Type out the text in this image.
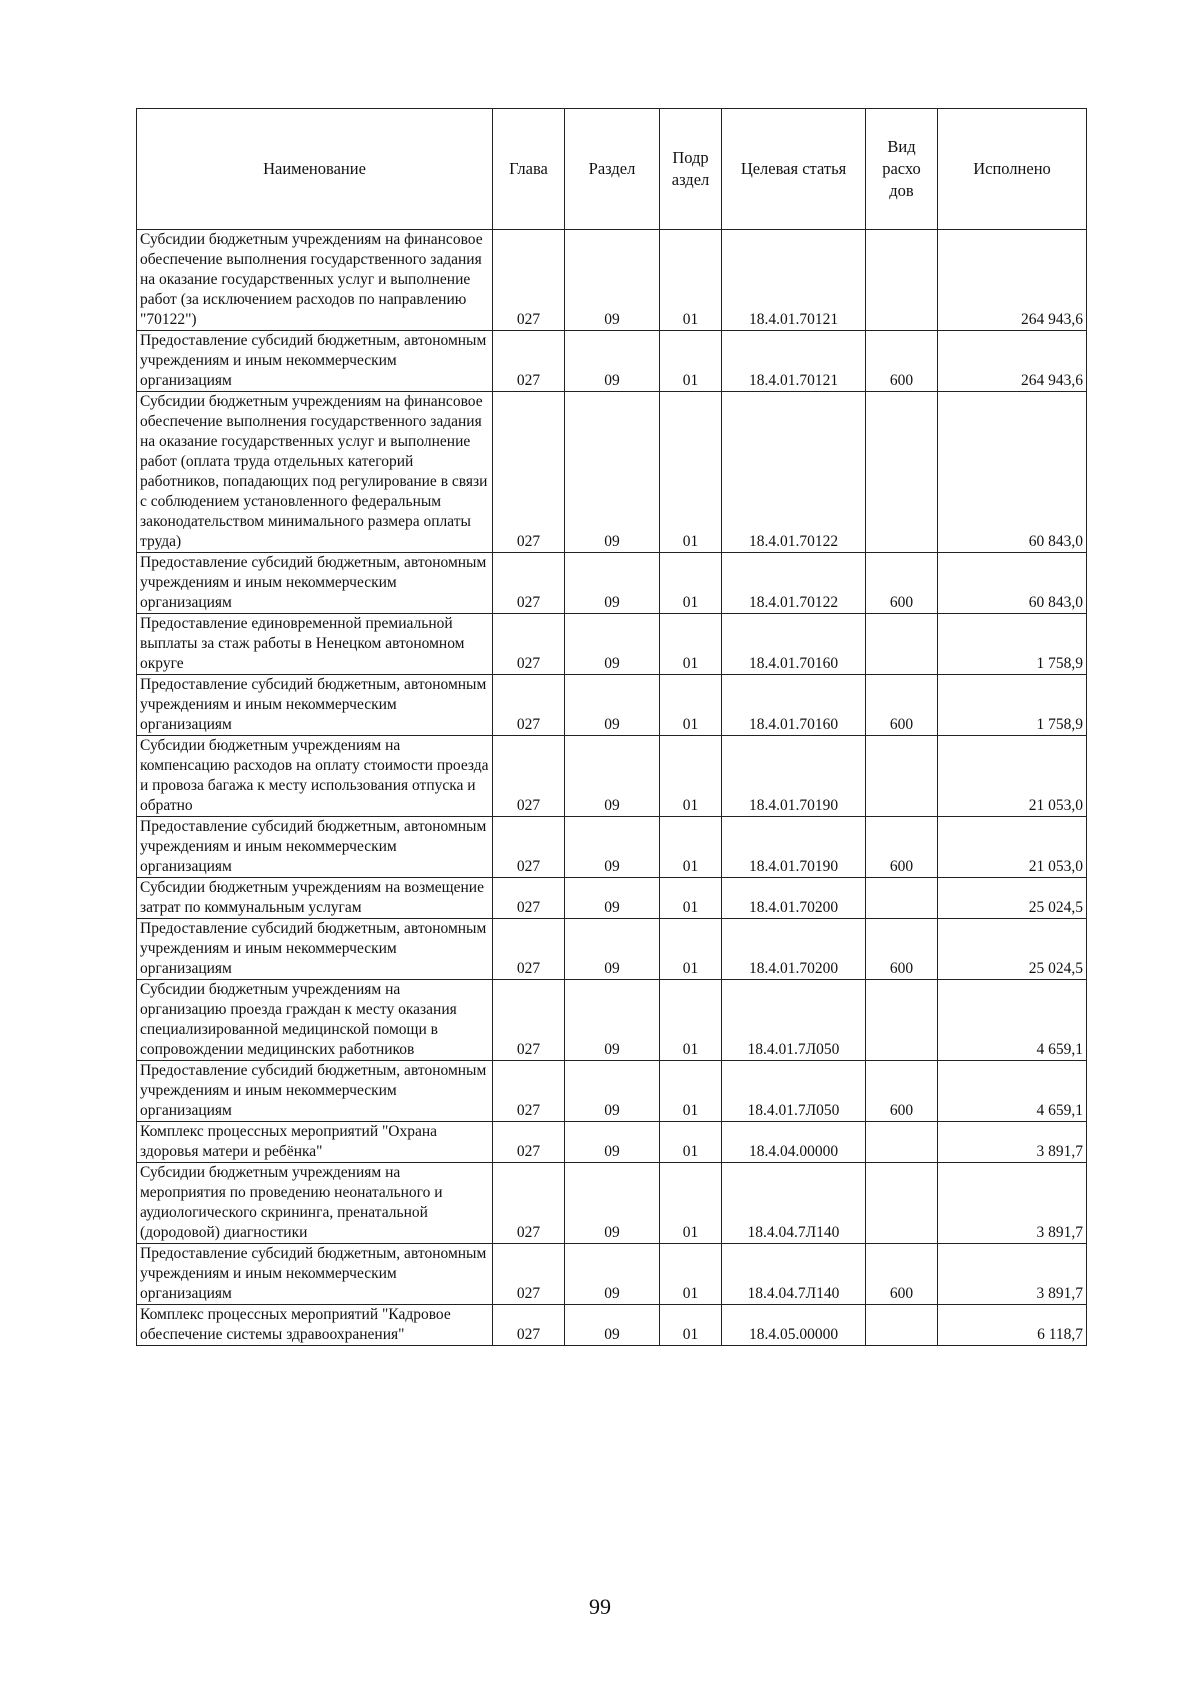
Наименование	Глава	Раздел	Подр аздел	Целевая статья	Вид расхо дов	Исполнено
Субсидии бюджетным учреждениям на финансовое обеспечение выполнения государственного задания на оказание государственных услуг и выполнение работ (за исключением расходов по направлению "70122")	027	09	01	18.4.01.70121		264 943,6
Предоставление субсидий бюджетным, автономным учреждениям и иным некоммерческим организациям	027	09	01	18.4.01.70121	600	264 943,6
Субсидии бюджетным учреждениям на финансовое обеспечение выполнения государственного задания на оказание государственных услуг и выполнение работ (оплата труда отдельных категорий работников, попадающих под регулирование в связи с соблюдением установленного федеральным законодательством минимального размера оплаты труда)	027	09	01	18.4.01.70122		60 843,0
Предоставление субсидий бюджетным, автономным учреждениям и иным некоммерческим организациям	027	09	01	18.4.01.70122	600	60 843,0
Предоставление единовременной премиальной выплаты за стаж работы в Ненецком автономном округе	027	09	01	18.4.01.70160		1 758,9
Предоставление субсидий бюджетным, автономным учреждениям и иным некоммерческим организациям	027	09	01	18.4.01.70160	600	1 758,9
Субсидии бюджетным учреждениям на компенсацию расходов на оплату стоимости проезда и провоза багажа к месту использования отпуска и обратно	027	09	01	18.4.01.70190		21 053,0
Предоставление субсидий бюджетным, автономным учреждениям и иным некоммерческим организациям	027	09	01	18.4.01.70190	600	21 053,0
Субсидии бюджетным учреждениям на возмещение затрат по коммунальным услугам	027	09	01	18.4.01.70200		25 024,5
Предоставление субсидий бюджетным, автономным учреждениям и иным некоммерческим организациям	027	09	01	18.4.01.70200	600	25 024,5
Субсидии бюджетным учреждениям на организацию проезда граждан к месту оказания специализированной медицинской помощи в сопровождении медицинских работников	027	09	01	18.4.01.7Л050		4 659,1
Предоставление субсидий бюджетным, автономным учреждениям и иным некоммерческим организациям	027	09	01	18.4.01.7Л050	600	4 659,1
Комплекс процессных мероприятий "Охрана здоровья матери и ребёнка"	027	09	01	18.4.04.00000		3 891,7
Субсидии бюджетным учреждениям на мероприятия по проведению неонатального и аудиологического скрининга, пренатальной (дородовой) диагностики	027	09	01	18.4.04.7Л140		3 891,7
Предоставление субсидий бюджетным, автономным учреждениям и иным некоммерческим организациям	027	09	01	18.4.04.7Л140	600	3 891,7
Комплекс процессных мероприятий "Кадровое обеспечение системы здравоохранения"	027	09	01	18.4.05.00000		6 118,7
99
